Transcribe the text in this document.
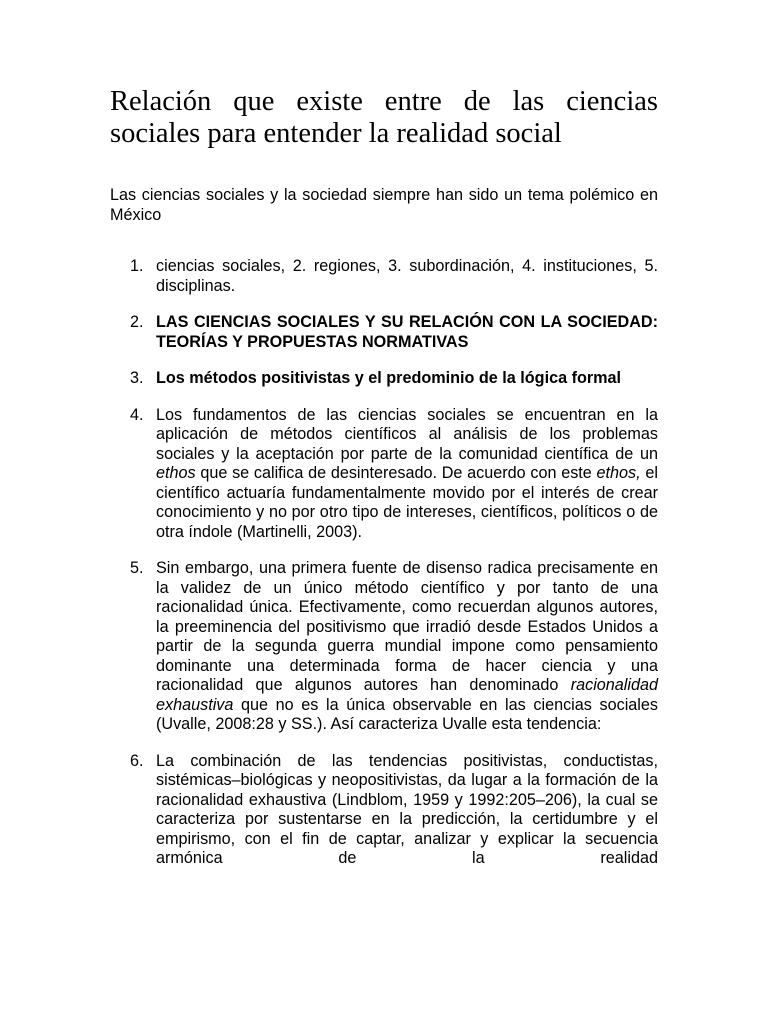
Relación que existe entre de las ciencias sociales para entender la realidad social

Las ciencias sociales y la sociedad siempre han sido un tema polémico en México

1. ciencias sociales, 2. regiones, 3. subordinación, 4. instituciones, 5. disciplinas.
2. LAS CIENCIAS SOCIALES Y SU RELACIÓN CON LA SOCIEDAD: TEORÍAS Y PROPUESTAS NORMATIVAS
3. Los métodos positivistas y el predominio de la lógica formal
4. Los fundamentos de las ciencias sociales se encuentran en la aplicación de métodos científicos al análisis de los problemas sociales y la aceptación por parte de la comunidad científica de un ethos que se califica de desinteresado. De acuerdo con este ethos, el científico actuaría fundamentalmente movido por el interés de crear conocimiento y no por otro tipo de intereses, científicos, políticos o de otra índole (Martinelli, 2003).
5. Sin embargo, una primera fuente de disenso radica precisamente en la validez de un único método científico y por tanto de una racionalidad única. Efectivamente, como recuerdan algunos autores, la preeminencia del positivismo que irradió desde Estados Unidos a partir de la segunda guerra mundial impone como pensamiento dominante una determinada forma de hacer ciencia y una racionalidad que algunos autores han denominado racionalidad exhaustiva que no es la única observable en las ciencias sociales (Uvalle, 2008:28 y SS.). Así caracteriza Uvalle esta tendencia:
6. La combinación de las tendencias positivistas, conductistas, sistémicas–biológicas y neopositivistas, da lugar a la formación de la racionalidad exhaustiva (Lindblom, 1959 y 1992:205–206), la cual se caracteriza por sustentarse en la predicción, la certidumbre y el empirismo, con el fin de captar, analizar y explicar la secuencia armónica de la realidad
